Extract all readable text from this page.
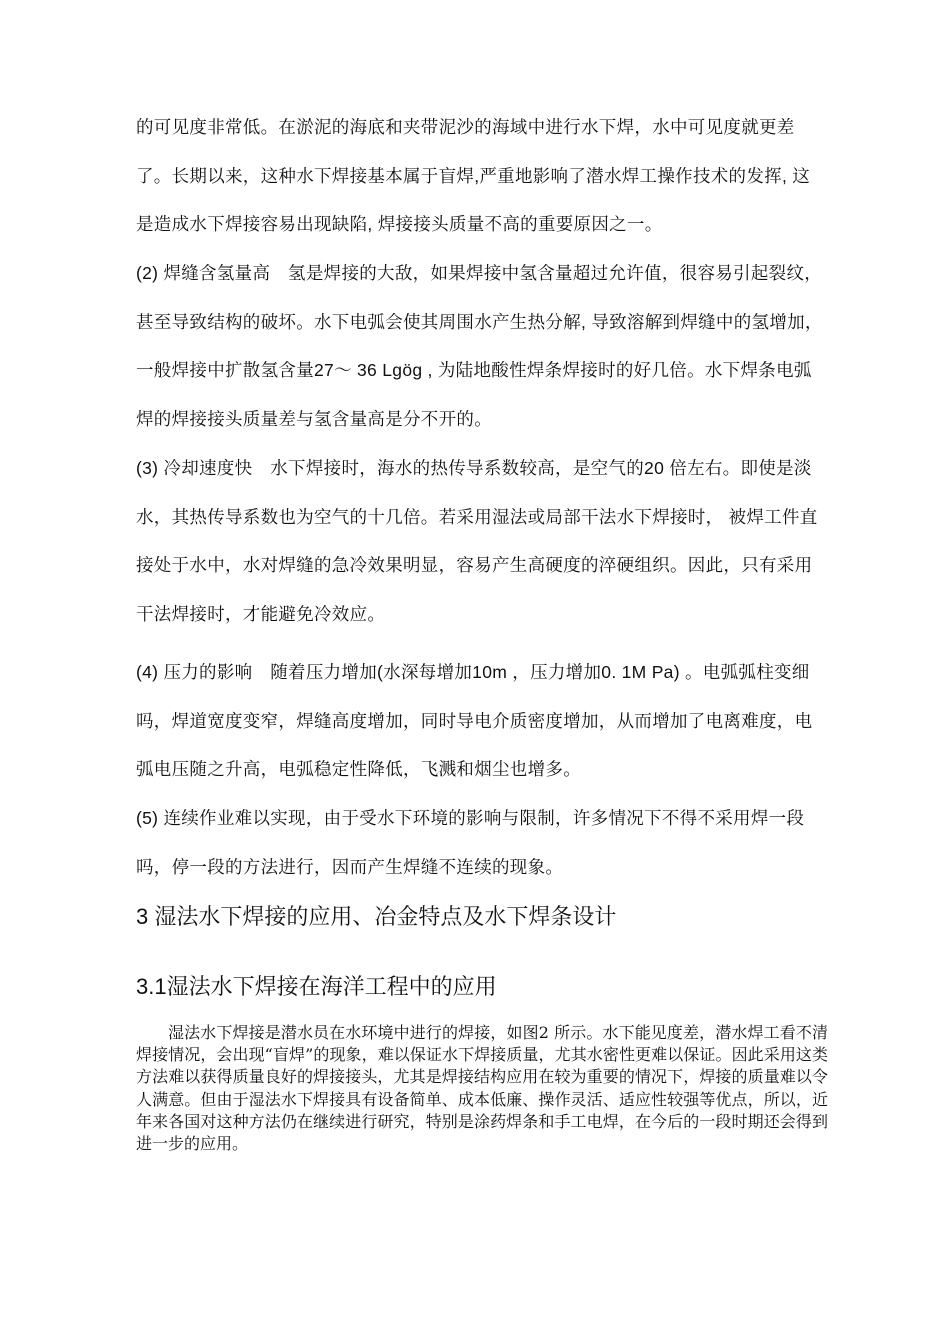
的可见度非常低。在淤泥的海底和夹带泥沙的海域中进行水下焊，水中可见度就更差了。长期以来，这种水下焊接基本属于盲焊,严重地影响了潜水焊工操作技术的发挥, 这是造成水下焊接容易出现缺陷, 焊接接头质量不高的重要原因之一。
(2) 焊缝含氢量高　氢是焊接的大敌，如果焊接中氢含量超过允许值，很容易引起裂纹，甚至导致结构的破坏。水下电弧会使其周围水产生热分解, 导致溶解到焊缝中的氢增加，一般焊接中扩散氢含量27～ 36 Lgög , 为陆地酸性焊条焊接时的好几倍。水下焊条电弧焊的焊接接头质量差与氢含量高是分不开的。
(3) 冷却速度快　水下焊接时，海水的热传导系数较高，是空气的20 倍左右。即使是淡水，其热传导系数也为空气的十几倍。若采用湿法或局部干法水下焊接时， 被焊工件直接处于水中，水对焊缝的急冷效果明显，容易产生高硬度的淬硬组织。因此，只有采用干法焊接时，才能避免冷效应。
(4) 压力的影响　随着压力增加(水深每增加10m ，压力增加0. 1M Pa) 。电弧弧柱变细吗，焊道宽度变窄，焊缝高度增加，同时导电介质密度增加，从而增加了电离难度，电弧电压随之升高，电弧稳定性降低，飞溅和烟尘也增多。
(5) 连续作业难以实现，由于受水下环境的影响与限制，许多情况下不得不采用焊一段吗，停一段的方法进行，因而产生焊缝不连续的现象。
3 湿法水下焊接的应用、冶金特点及水下焊条设计
3.1湿法水下焊接在海洋工程中的应用

湿法水下焊接是潜水员在水环境中进行的焊接，如图2 所示。水下能见度差，潜水焊工看不清焊接情况，会出现“盲焊”的现象，难以保证水下焊接质量，尤其水密性更难以保证。因此采用这类方法难以获得质量良好的焊接接头，尤其是焊接结构应用在较为重要的情况下，焊接的质量难以令人满意。但由于湿法水下焊接具有设备简单、成本低廉、操作灵活、适应性较强等优点，所以，近年来各国对这种方法仍在继续进行研究，特别是涂药焊条和手工电焊，在今后的一段时期还会得到进一步的应用。
